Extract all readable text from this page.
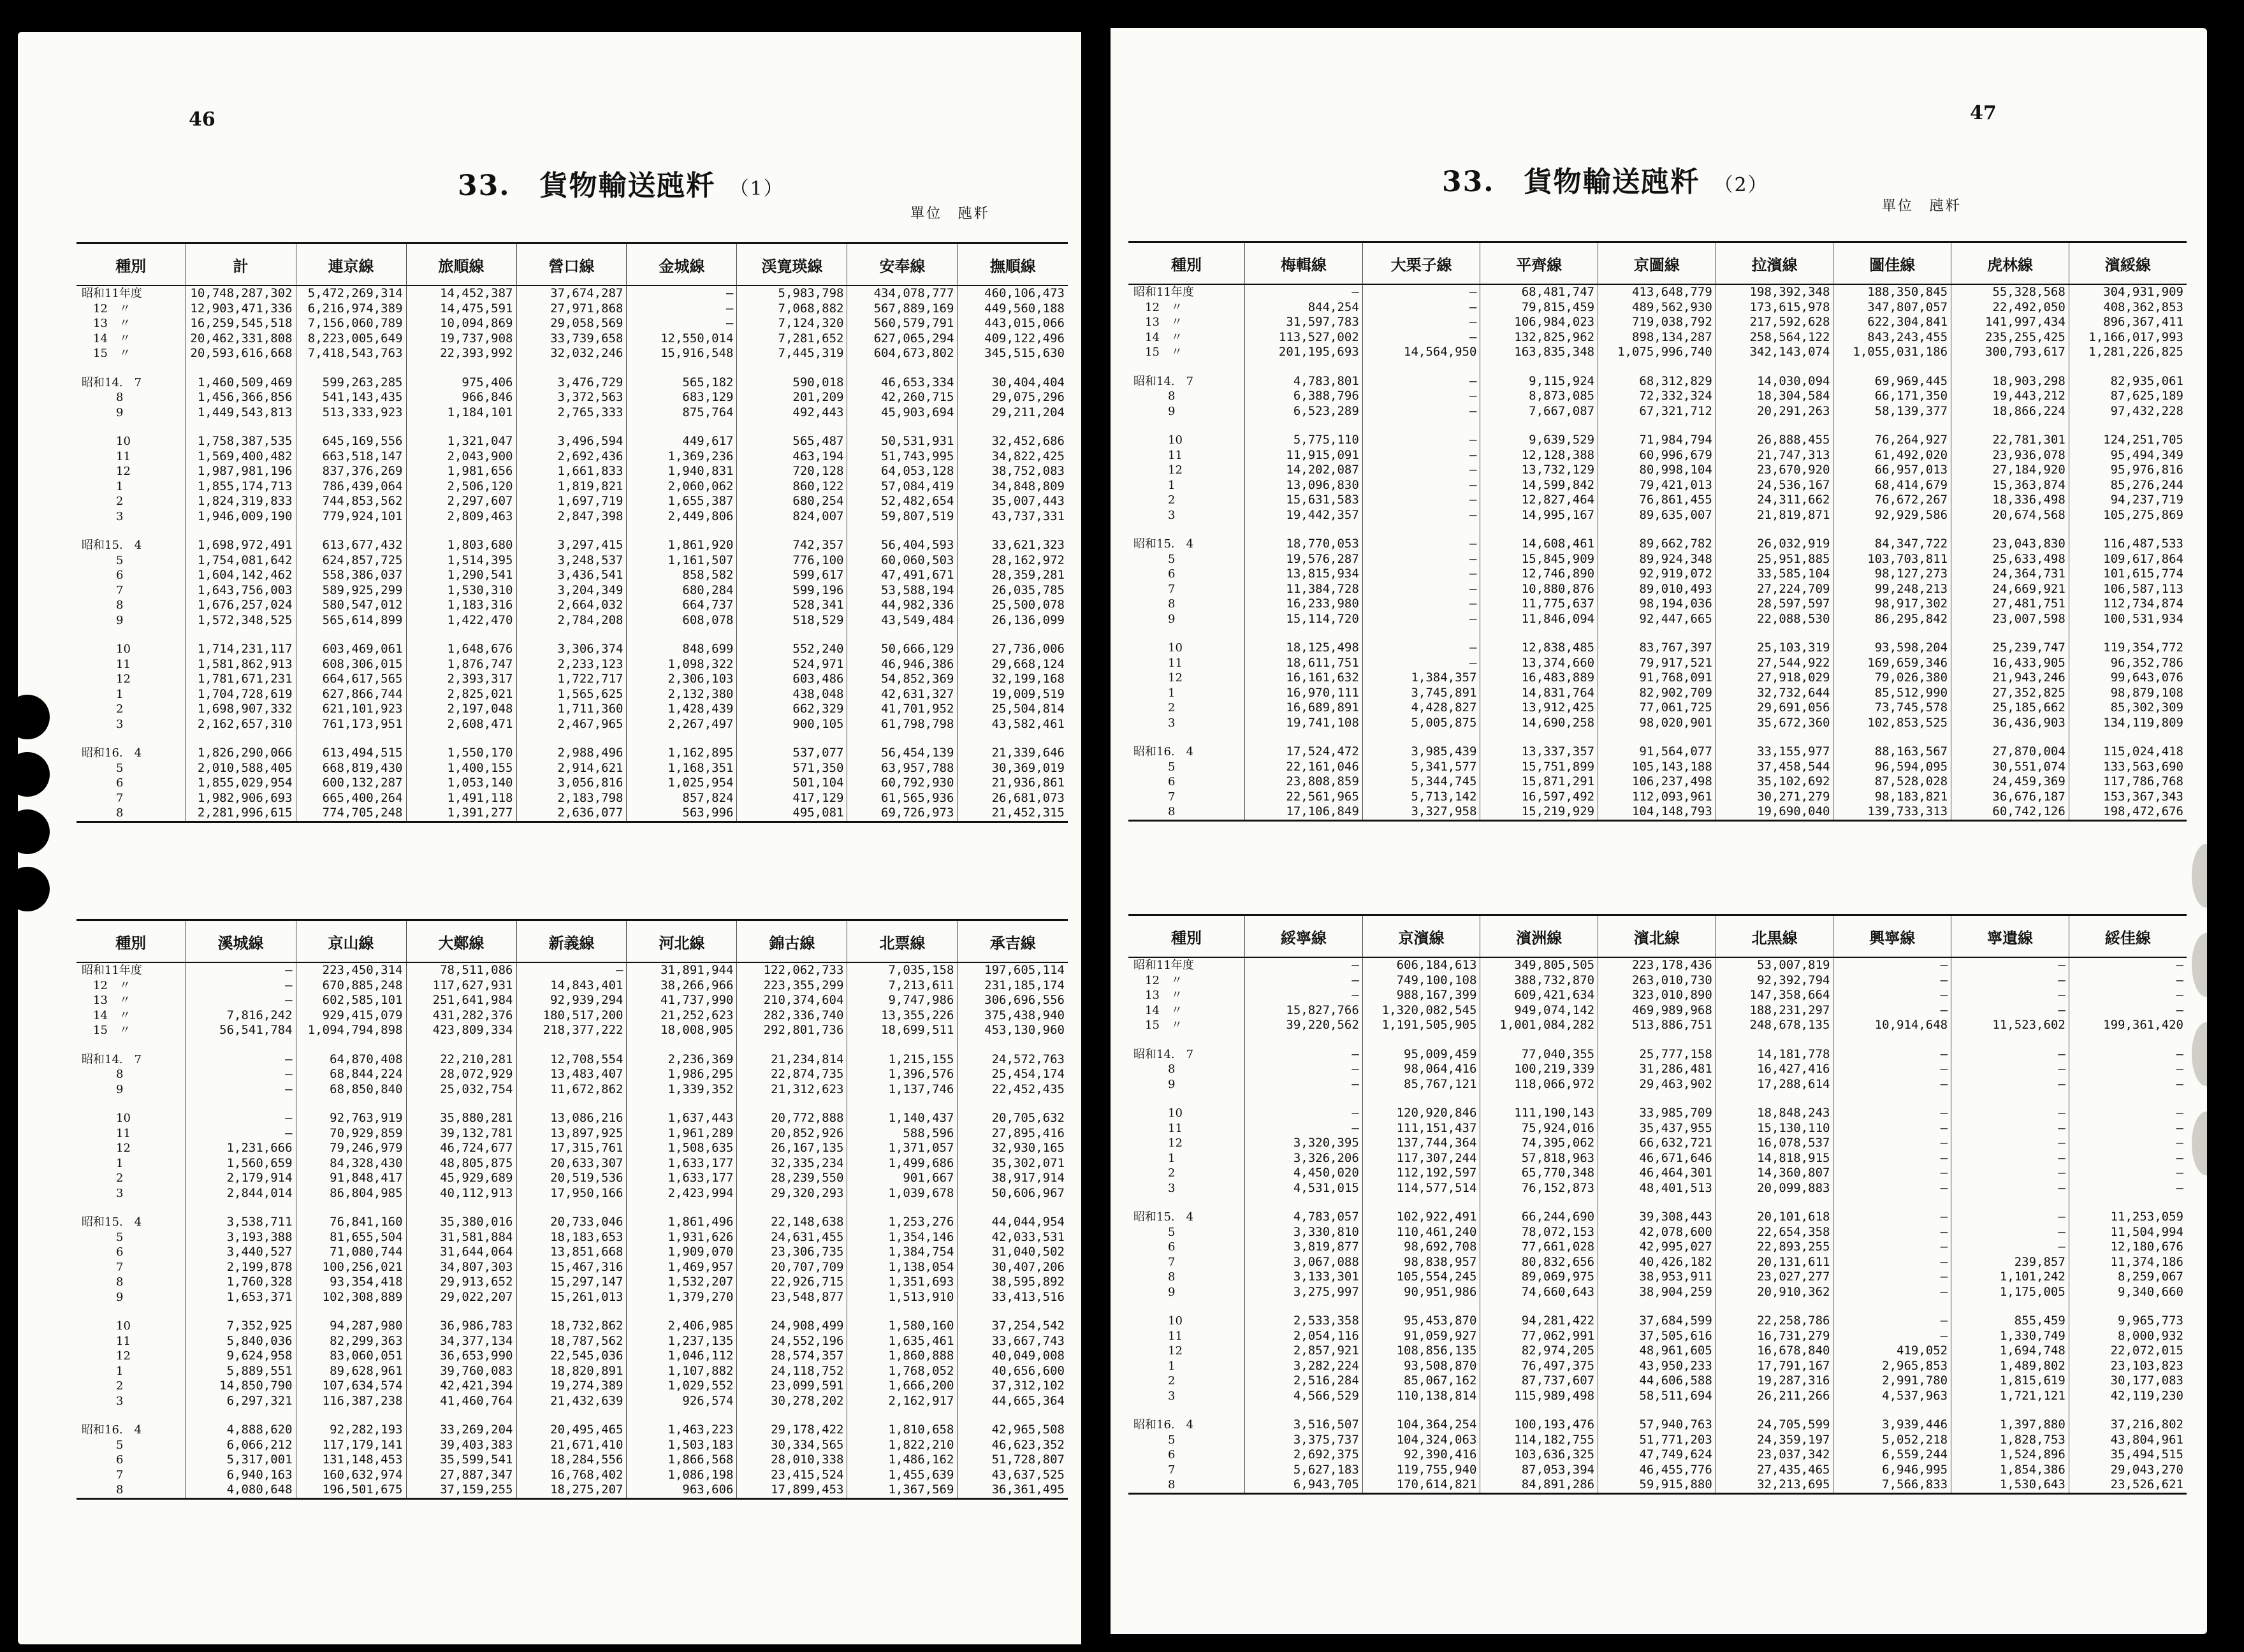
46
33.　貨物輸送瓲粁 （1）
單位　瓲粁
種別	計	連京線	旅順線	營口線	金城線	渓寛瑛線	安奉線	撫順線
昭和11年度	10,748,287,302	5,472,269,314	14,452,387	37,674,287	—	5,983,798	434,078,777	460,106,473
　12　〃	12,903,471,336	6,216,974,389	14,475,591	27,971,868	—	7,068,882	567,889,169	449,560,188
　13　〃	16,259,545,518	7,156,060,789	10,094,869	29,058,569	—	7,124,320	560,579,791	443,015,066
　14　〃	20,462,331,808	8,223,005,649	19,737,908	33,739,658	12,550,014	7,281,652	627,065,294	409,122,496
　15　〃	20,593,616,668	7,418,543,763	22,393,992	32,032,246	15,916,548	7,445,319	604,673,802	345,515,630

昭和14.　7	1,460,509,469	599,263,285	975,406	3,476,729	565,182	590,018	46,653,334	30,404,404
　　　8	1,456,366,856	541,143,435	966,846	3,372,563	683,129	201,209	42,260,715	29,075,296
　　　9	1,449,543,813	513,333,923	1,184,101	2,765,333	875,764	492,443	45,903,694	29,211,204

　　　10	1,758,387,535	645,169,556	1,321,047	3,496,594	449,617	565,487	50,531,931	32,452,686
　　　11	1,569,400,482	663,518,147	2,043,900	2,692,436	1,369,236	463,194	51,743,995	34,822,425
　　　12	1,987,981,196	837,376,269	1,981,656	1,661,833	1,940,831	720,128	64,053,128	38,752,083
　　　1	1,855,174,713	786,439,064	2,506,120	1,819,821	2,060,062	860,122	57,084,419	34,848,809
　　　2	1,824,319,833	744,853,562	2,297,607	1,697,719	1,655,387	680,254	52,482,654	35,007,443
　　　3	1,946,009,190	779,924,101	2,809,463	2,847,398	2,449,806	824,007	59,807,519	43,737,331

昭和15.　4	1,698,972,491	613,677,432	1,803,680	3,297,415	1,861,920	742,357	56,404,593	33,621,323
　　　5	1,754,081,642	624,857,725	1,514,395	3,248,537	1,161,507	776,100	60,060,503	28,162,972
　　　6	1,604,142,462	558,386,037	1,290,541	3,436,541	858,582	599,617	47,491,671	28,359,281
　　　7	1,643,756,003	589,925,299	1,530,310	3,204,349	680,284	599,196	53,588,194	26,035,785
　　　8	1,676,257,024	580,547,012	1,183,316	2,664,032	664,737	528,341	44,982,336	25,500,078
　　　9	1,572,348,525	565,614,899	1,422,470	2,784,208	608,078	518,529	43,549,484	26,136,099

　　　10	1,714,231,117	603,469,061	1,648,676	3,306,374	848,699	552,240	50,666,129	27,736,006
　　　11	1,581,862,913	608,306,015	1,876,747	2,233,123	1,098,322	524,971	46,946,386	29,668,124
　　　12	1,781,671,231	664,617,565	2,393,317	1,722,717	2,306,103	603,486	54,852,369	32,199,168
　　　1	1,704,728,619	627,866,744	2,825,021	1,565,625	2,132,380	438,048	42,631,327	19,009,519
　　　2	1,698,907,332	621,101,923	2,197,048	1,711,360	1,428,439	662,329	41,701,952	25,504,814
　　　3	2,162,657,310	761,173,951	2,608,471	2,467,965	2,267,497	900,105	61,798,798	43,582,461

昭和16.　4	1,826,290,066	613,494,515	1,550,170	2,988,496	1,162,895	537,077	56,454,139	21,339,646
　　　5	2,010,588,405	668,819,430	1,400,155	2,914,621	1,168,351	571,350	63,957,788	30,369,019
　　　6	1,855,029,954	600,132,287	1,053,140	3,056,816	1,025,954	501,104	60,792,930	21,936,861
　　　7	1,982,906,693	665,400,264	1,491,118	2,183,798	857,824	417,129	61,565,936	26,681,073
　　　8	2,281,996,615	774,705,248	1,391,277	2,636,077	563,996	495,081	69,726,973	21,452,315
種別	溪城線	京山線	大鄭線	新義線	河北線	錦古線	北票線	承吉線
昭和11年度	—	223,450,314	78,511,086	—	31,891,944	122,062,733	7,035,158	197,605,114
　12　〃	—	670,885,248	117,627,931	14,843,401	38,266,966	223,355,299	7,213,611	231,185,174
　13　〃	—	602,585,101	251,641,984	92,939,294	41,737,990	210,374,604	9,747,986	306,696,556
　14　〃	7,816,242	929,415,079	431,282,376	180,517,200	21,252,623	282,336,740	13,355,226	375,438,940
　15　〃	56,541,784	1,094,794,898	423,809,334	218,377,222	18,008,905	292,801,736	18,699,511	453,130,960

昭和14.　7	—	64,870,408	22,210,281	12,708,554	2,236,369	21,234,814	1,215,155	24,572,763
　　　8	—	68,844,224	28,072,929	13,483,407	1,986,295	22,874,735	1,396,576	25,454,174
　　　9	—	68,850,840	25,032,754	11,672,862	1,339,352	21,312,623	1,137,746	22,452,435

　　　10	—	92,763,919	35,880,281	13,086,216	1,637,443	20,772,888	1,140,437	20,705,632
　　　11	—	70,929,859	39,132,781	13,897,925	1,961,289	20,852,926	588,596	27,895,416
　　　12	1,231,666	79,246,979	46,724,677	17,315,761	1,508,635	26,167,135	1,371,057	32,930,165
　　　1	1,560,659	84,328,430	48,805,875	20,633,307	1,633,177	32,335,234	1,499,686	35,302,071
　　　2	2,179,914	91,848,417	45,929,689	20,519,536	1,633,177	28,239,550	901,667	38,917,914
　　　3	2,844,014	86,804,985	40,112,913	17,950,166	2,423,994	29,320,293	1,039,678	50,606,967

昭和15.　4	3,538,711	76,841,160	35,380,016	20,733,046	1,861,496	22,148,638	1,253,276	44,044,954
　　　5	3,193,388	81,655,504	31,581,884	18,183,653	1,931,626	24,631,455	1,354,146	42,033,531
　　　6	3,440,527	71,080,744	31,644,064	13,851,668	1,909,070	23,306,735	1,384,754	31,040,502
　　　7	2,199,878	100,256,021	34,807,303	15,467,316	1,469,957	20,707,709	1,138,054	30,407,206
　　　8	1,760,328	93,354,418	29,913,652	15,297,147	1,532,207	22,926,715	1,351,693	38,595,892
　　　9	1,653,371	102,308,889	29,022,207	15,261,013	1,379,270	23,548,877	1,513,910	33,413,516

　　　10	7,352,925	94,287,980	36,986,783	18,732,862	2,406,985	24,908,499	1,580,160	37,254,542
　　　11	5,840,036	82,299,363	34,377,134	18,787,562	1,237,135	24,552,196	1,635,461	33,667,743
　　　12	9,624,958	83,060,051	36,653,990	22,545,036	1,046,112	28,574,357	1,860,888	40,049,008
　　　1	5,889,551	89,628,961	39,760,083	18,820,891	1,107,882	24,118,752	1,768,052	40,656,600
　　　2	14,850,790	107,634,574	42,421,394	19,274,389	1,029,552	23,099,591	1,666,200	37,312,102
　　　3	6,297,321	116,387,238	41,460,764	21,432,639	926,574	30,278,202	2,162,917	44,665,364

昭和16.　4	4,888,620	92,282,193	33,269,204	20,495,465	1,463,223	29,178,422	1,810,658	42,965,508
　　　5	6,066,212	117,179,141	39,403,383	21,671,410	1,503,183	30,334,565	1,822,210	46,623,352
　　　6	5,317,001	131,148,453	35,599,541	18,284,556	1,866,568	28,010,338	1,486,162	51,728,807
　　　7	6,940,163	160,632,974	27,887,347	16,768,402	1,086,198	23,415,524	1,455,639	43,637,525
　　　8	4,080,648	196,501,675	37,159,255	18,275,207	963,606	17,899,453	1,367,569	36,361,495
47
33.　貨物輸送瓲粁 （2）
單位　瓲粁
種別	梅輯線	大栗子線	平齊線	京圖線	拉濱線	圖佳線	虎林線	濱綏線
昭和11年度	—	—	68,481,747	413,648,779	198,392,348	188,350,845	55,328,568	304,931,909
　12　〃	844,254	—	79,815,459	489,562,930	173,615,978	347,807,057	22,492,050	408,362,853
　13　〃	31,597,783	—	106,984,023	719,038,792	217,592,628	622,304,841	141,997,434	896,367,411
　14　〃	113,527,002	—	132,825,962	898,134,287	258,564,122	843,243,455	235,255,425	1,166,017,993
　15　〃	201,195,693	14,564,950	163,835,348	1,075,996,740	342,143,074	1,055,031,186	300,793,617	1,281,226,825

昭和14.　7	4,783,801	—	9,115,924	68,312,829	14,030,094	69,969,445	18,903,298	82,935,061
　　　8	6,388,796	—	8,873,085	72,332,324	18,304,584	66,171,350	19,443,212	87,625,189
　　　9	6,523,289	—	7,667,087	67,321,712	20,291,263	58,139,377	18,866,224	97,432,228

　　　10	5,775,110	—	9,639,529	71,984,794	26,888,455	76,264,927	22,781,301	124,251,705
　　　11	11,915,091	—	12,128,388	60,996,679	21,747,313	61,492,020	23,936,078	95,494,349
　　　12	14,202,087	—	13,732,129	80,998,104	23,670,920	66,957,013	27,184,920	95,976,816
　　　1	13,096,830	—	14,599,842	79,421,013	24,536,167	68,414,679	15,363,874	85,276,244
　　　2	15,631,583	—	12,827,464	76,861,455	24,311,662	76,672,267	18,336,498	94,237,719
　　　3	19,442,357	—	14,995,167	89,635,007	21,819,871	92,929,586	20,674,568	105,275,869

昭和15.　4	18,770,053	—	14,608,461	89,662,782	26,032,919	84,347,722	23,043,830	116,487,533
　　　5	19,576,287	—	15,845,909	89,924,348	25,951,885	103,703,811	25,633,498	109,617,864
　　　6	13,815,934	—	12,746,890	92,919,072	33,585,104	98,127,273	24,364,731	101,615,774
　　　7	11,384,728	—	10,880,876	89,010,493	27,224,709	99,248,213	24,669,921	106,587,113
　　　8	16,233,980	—	11,775,637	98,194,036	28,597,597	98,917,302	27,481,751	112,734,874
　　　9	15,114,720	—	11,846,094	92,447,665	22,088,530	86,295,842	23,007,598	100,531,934

　　　10	18,125,498	—	12,838,485	83,767,397	25,103,319	93,598,204	25,239,747	119,354,772
　　　11	18,611,751	—	13,374,660	79,917,521	27,544,922	169,659,346	16,433,905	96,352,786
　　　12	16,161,632	1,384,357	16,483,889	91,768,091	27,918,029	79,026,380	21,943,246	99,643,076
　　　1	16,970,111	3,745,891	14,831,764	82,902,709	32,732,644	85,512,990	27,352,825	98,879,108
　　　2	16,689,891	4,428,827	13,912,425	77,061,725	29,691,056	73,745,578	25,185,662	85,302,309
　　　3	19,741,108	5,005,875	14,690,258	98,020,901	35,672,360	102,853,525	36,436,903	134,119,809

昭和16.　4	17,524,472	3,985,439	13,337,357	91,564,077	33,155,977	88,163,567	27,870,004	115,024,418
　　　5	22,161,046	5,341,577	15,751,899	105,143,188	37,458,544	96,594,095	30,551,074	133,563,690
　　　6	23,808,859	5,344,745	15,871,291	106,237,498	35,102,692	87,528,028	24,459,369	117,786,768
　　　7	22,561,965	5,713,142	16,597,492	112,093,961	30,271,279	98,183,821	36,676,187	153,367,343
　　　8	17,106,849	3,327,958	15,219,929	104,148,793	19,690,040	139,733,313	60,742,126	198,472,676
種別	綏寧線	京濱線	濱洲線	濱北線	北黒線	興寧線	寧遺線	綏佳線
昭和11年度	—	606,184,613	349,805,505	223,178,436	53,007,819	—	—	—
　12　〃	—	749,100,108	388,732,870	263,010,730	92,392,794	—	—	—
　13　〃	—	988,167,399	609,421,634	323,010,890	147,358,664	—	—	—
　14　〃	15,827,766	1,320,082,545	949,074,142	469,989,968	188,231,297	—	—	—
　15　〃	39,220,562	1,191,505,905	1,001,084,282	513,886,751	248,678,135	10,914,648	11,523,602	199,361,420

昭和14.　7	—	95,009,459	77,040,355	25,777,158	14,181,778	—	—	—
　　　8	—	98,064,416	100,219,339	31,286,481	16,427,416	—	—	—
　　　9	—	85,767,121	118,066,972	29,463,902	17,288,614	—	—	—

　　　10	—	120,920,846	111,190,143	33,985,709	18,848,243	—	—	—
　　　11	—	111,151,437	75,924,016	35,437,955	15,130,110	—	—	—
　　　12	3,320,395	137,744,364	74,395,062	66,632,721	16,078,537	—	—	—
　　　1	3,326,206	117,307,244	57,818,963	46,671,646	14,818,915	—	—	—
　　　2	4,450,020	112,192,597	65,770,348	46,464,301	14,360,807	—	—	—
　　　3	4,531,015	114,577,514	76,152,873	48,401,513	20,099,883	—	—	—

昭和15.　4	4,783,057	102,922,491	66,244,690	39,308,443	20,101,618	—	—	11,253,059
　　　5	3,330,810	110,461,240	78,072,153	42,078,600	22,654,358	—	—	11,504,994
　　　6	3,819,877	98,692,708	77,661,028	42,995,027	22,893,255	—	—	12,180,676
　　　7	3,067,088	98,838,957	80,832,656	40,426,182	20,131,611	—	239,857	11,374,186
　　　8	3,133,301	105,554,245	89,069,975	38,953,911	23,027,277	—	1,101,242	8,259,067
　　　9	3,275,997	90,951,986	74,660,643	38,904,259	20,910,362	—	1,175,005	9,340,660

　　　10	2,533,358	95,453,870	94,281,422	37,684,599	22,258,786	—	855,459	9,965,773
　　　11	2,054,116	91,059,927	77,062,991	37,505,616	16,731,279	—	1,330,749	8,000,932
　　　12	2,857,921	108,856,135	82,974,205	48,961,605	16,678,840	419,052	1,694,748	22,072,015
　　　1	3,282,224	93,508,870	76,497,375	43,950,233	17,791,167	2,965,853	1,489,802	23,103,823
　　　2	2,516,284	85,067,162	87,737,607	44,606,588	19,287,316	2,991,780	1,815,619	30,177,083
　　　3	4,566,529	110,138,814	115,989,498	58,511,694	26,211,266	4,537,963	1,721,121	42,119,230

昭和16.　4	3,516,507	104,364,254	100,193,476	57,940,763	24,705,599	3,939,446	1,397,880	37,216,802
　　　5	3,375,737	104,324,063	114,182,755	51,771,203	24,359,197	5,052,218	1,828,753	43,804,961
　　　6	2,692,375	92,390,416	103,636,325	47,749,624	23,037,342	6,559,244	1,524,896	35,494,515
　　　7	5,627,183	119,755,940	87,053,394	46,455,776	27,435,465	6,946,995	1,854,386	29,043,270
　　　8	6,943,705	170,614,821	84,891,286	59,915,880	32,213,695	7,566,833	1,530,643	23,526,621
